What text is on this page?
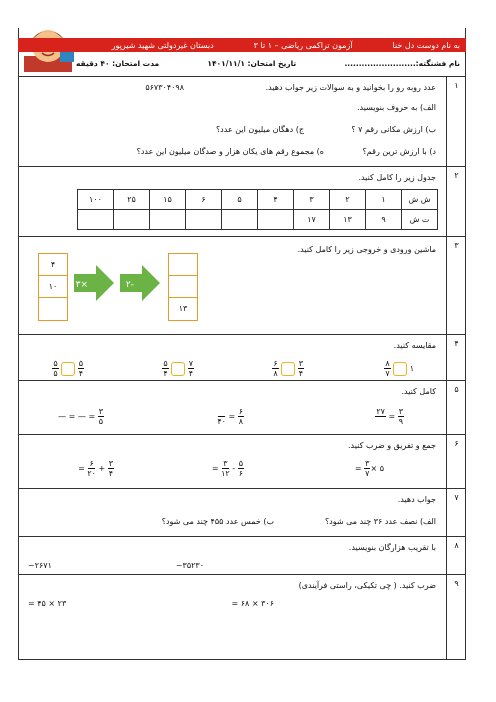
به نام دوست دل خنا
آزمون تراکمی ریاضی – ۱ تا ۳
دبستان غیردولتی شهید شیرپور
نام فشنگته:.........................
تاریخ امتحان: ۱۴۰۱/۱۱/۱
مدت امتحان: ۴۰ دقیقه
۱
عدد روبه رو را بخوانید و به سوالات زیر جواب دهید.
۵۶۷۳۰۴۰۹۸
الف) به حروف بنویسید.
ب) ارزش مکانی رقم ۷ ؟
ج) دهگان میلیون این عدد؟
د) با ارزش ترین رقم؟
ه) مجموع رقم های یکان هزار و صدگان میلیون این عدد؟
۲
جدول زیر را کامل کنید.
ش ش	۱	۲	۳	۴	۵	۶	۱۵	۲۵	۱۰۰
ت ش	۹	۱۳	۱۷						
۳
ماشین ورودی و خروجی زیر را کامل کنید.
۴
۱۰	×۳	-۲
۱۳
۴
مقایسه کنید.
۱
$\frac{۸}{۷}$
$\frac{۳}{۴}$

$\frac{۶}{۸}$
$\frac{۷}{۴}$

$\frac{۵}{۴}$
$\frac{۵}{۴}$

$\frac{۵}{۵}$
۵
کامل کنید.
$\frac{۳}{۹}$
=
۲۷

$\frac{۶}{۸}$
=

۴۰
$\frac{۳}{۵}$
= — = —
۶
جمع و تفریق و ضرب کنید.
۵ ×
$\frac{۳}{۷}$
=
$\frac{۵}{۶}$
-
$\frac{۳}{۱۲}$
=
$\frac{۳}{۴}$
+
$\frac{۶}{۲۰}$
=
۷
جواب دهید.
الف) نصف عدد ۳۶ چند می شود؟
ب) خمس عدد ۴۵۵ چند می شود؟
۸
با تقریب هزارگان بنویسید.
۳۵۲۳۰~
۲۶۷۱~
۹
ضرب کنید. ( چی تکیکی، راستی فرآیندی)
۳۰۶ × ۶۸ =
۲۳ × ۴۵ =
